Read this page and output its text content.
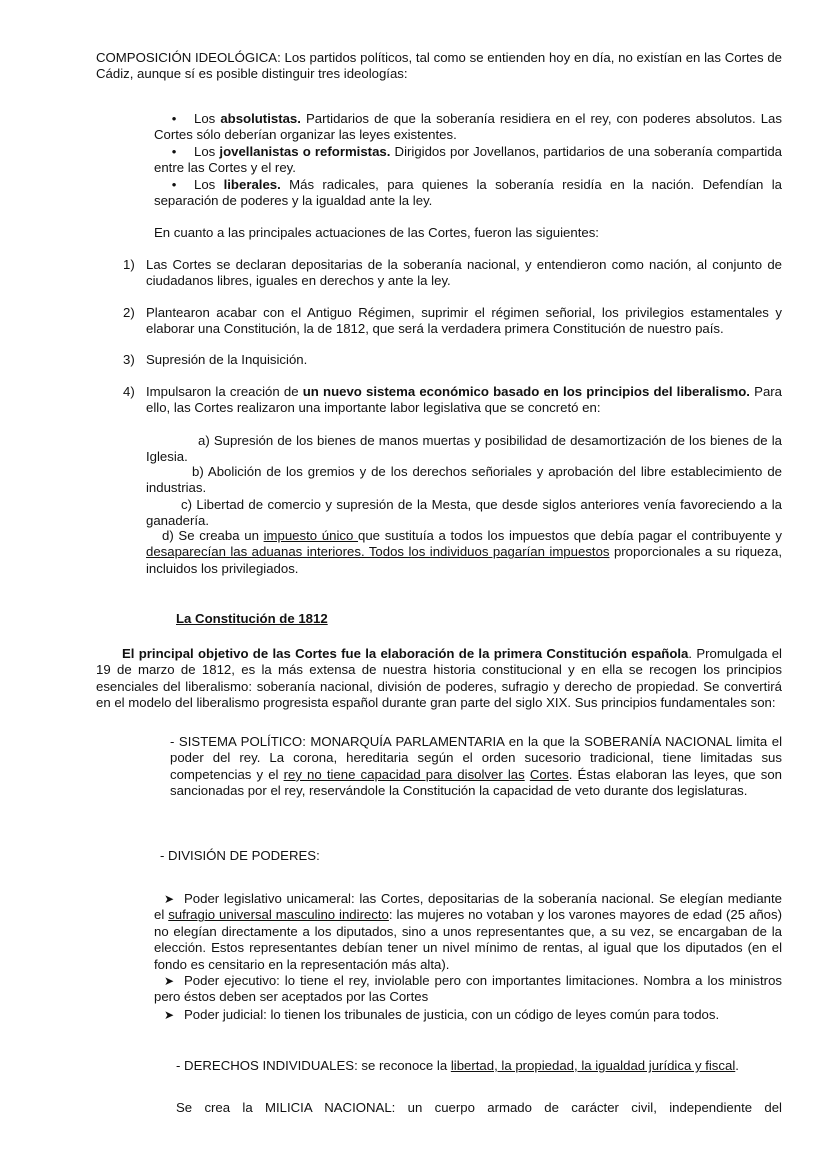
COMPOSICIÓN IDEOLÓGICA: Los partidos políticos, tal como se entienden hoy en día, no existían en las Cortes de Cádiz, aunque sí es posible distinguir tres ideologías:

• Los absolutistas. Partidarios de que la soberanía residiera en el rey, con poderes absolutos. Las Cortes sólo deberían organizar las leyes existentes.

• Los jovellanistas o reformistas. Dirigidos por Jovellanos, partidarios de una soberanía compartida entre las Cortes y el rey.

• Los liberales. Más radicales, para quienes la soberanía residía en la nación. Defendían la separación de poderes y la igualdad ante la ley.

En cuanto a las principales actuaciones de las Cortes, fueron las siguientes:

1) Las Cortes se declaran depositarias de la soberanía nacional, y entendieron como nación, al conjunto de ciudadanos libres, iguales en derechos y ante la ley.

2) Plantearon acabar con el Antiguo Régimen, suprimir el régimen señorial, los privilegios estamentales y elaborar una Constitución, la de 1812, que será la verdadera primera Constitución de nuestro país.

3) Supresión de la Inquisición.

4) Impulsaron la creación de un nuevo sistema económico basado en los principios del liberalismo. Para ello, las Cortes realizaron una importante labor legislativa que se concretó en:

a) Supresión de los bienes de manos muertas y posibilidad de desamortización de los bienes de la Iglesia.

b) Abolición de los gremios y de los derechos señoriales y aprobación del libre establecimiento de industrias.

c) Libertad de comercio y supresión de la Mesta, que desde siglos anteriores venía favoreciendo a la ganadería.

d) Se creaba un impuesto único que sustituía a todos los impuestos que debía pagar el contribuyente y desaparecían las aduanas interiores. Todos los individuos pagarían impuestos proporcionales a su riqueza, incluidos los privilegiados.

La Constitución de 1812

El principal objetivo de las Cortes fue la elaboración de la primera Constitución española. Promulgada el 19 de marzo de 1812, es la más extensa de nuestra historia constitucional y en ella se recogen los principios esenciales del liberalismo: soberanía nacional, división de poderes, sufragio y derecho de propiedad. Se convertirá en el modelo del liberalismo progresista español durante gran parte del siglo XIX. Sus principios fundamentales son:

- SISTEMA POLÍTICO: MONARQUÍA PARLAMENTARIA en la que la SOBERANÍA NACIONAL limita el poder del rey. La corona, hereditaria según el orden sucesorio tradicional, tiene limitadas sus competencias y el rey no tiene capacidad para disolver las Cortes. Éstas elaboran las leyes, que son sancionadas por el rey, reservándole la Constitución la capacidad de veto durante dos legislaturas.

- DIVISIÓN DE PODERES:

➤ Poder legislativo unicameral: las Cortes, depositarias de la soberanía nacional. Se elegían mediante el sufragio universal masculino indirecto: las mujeres no votaban y los varones mayores de edad (25 años) no elegían directamente a los diputados, sino a unos representantes que, a su vez, se encargaban de la elección. Estos representantes debían tener un nivel mínimo de rentas, al igual que los diputados (en el fondo es censitario en la representación más alta).

➤ Poder ejecutivo: lo tiene el rey, inviolable pero con importantes limitaciones. Nombra a los ministros pero éstos deben ser aceptados por las Cortes

➤ Poder judicial: lo tienen los tribunales de justicia, con un código de leyes común para todos.

- DERECHOS INDIVIDUALES: se reconoce la libertad, la propiedad, la igualdad jurídica y fiscal.

Se crea la MILICIA NACIONAL: un cuerpo armado de carácter civil, independiente del
